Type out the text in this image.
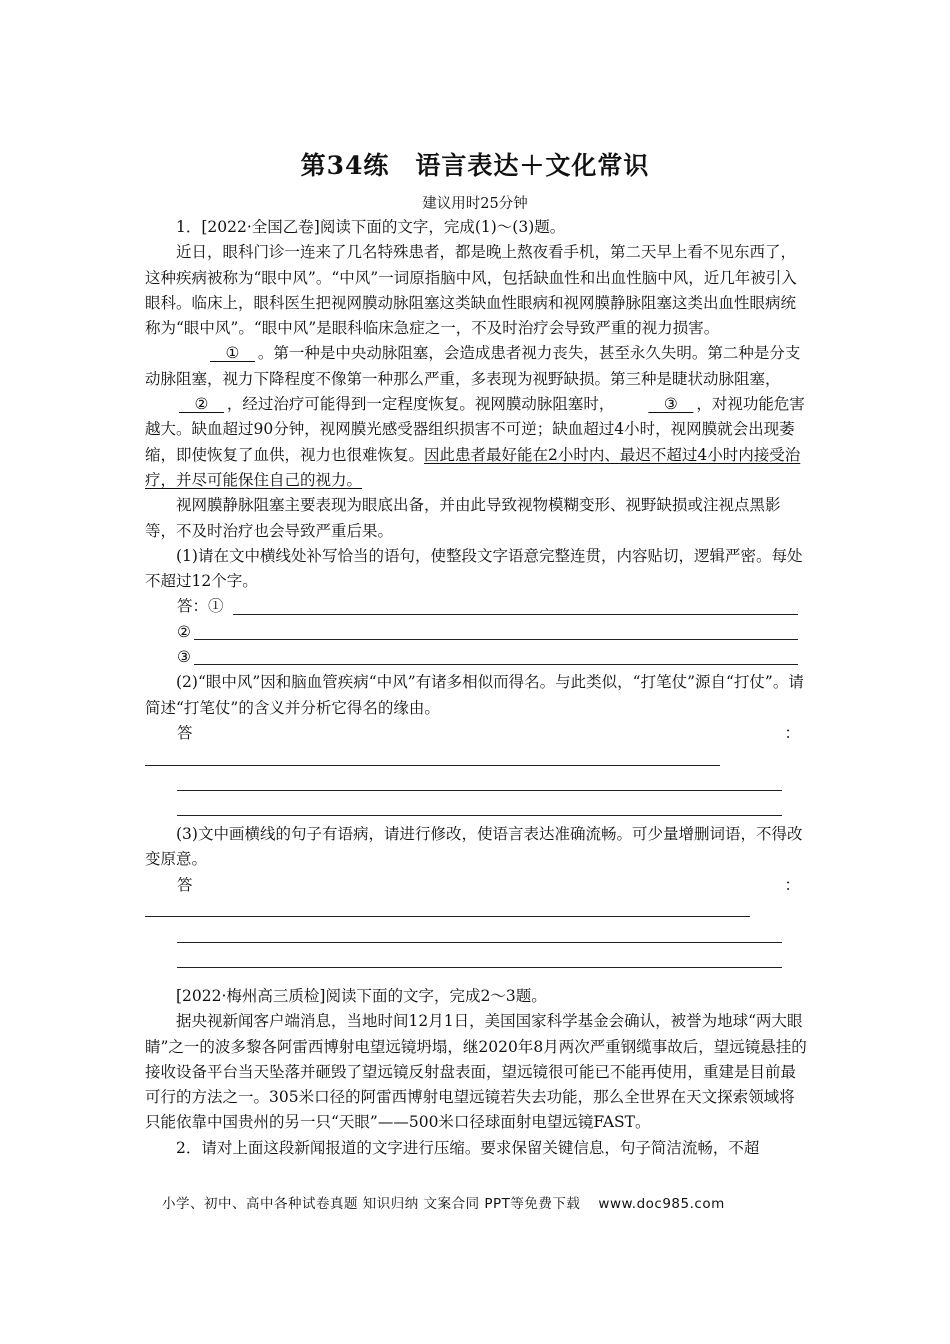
第34练　语言表达＋文化常识
建议用时25分钟

1．[2022·全国乙卷]阅读下面的文字，完成(1)～(3)题。

近日，眼科门诊一连来了几名特殊患者，都是晚上熬夜看手机，第二天早上看不见东西了，这种疾病被称为“眼中风”。“中风”一词原指脑中风，包括缺血性和出血性脑中风，近几年被引入眼科。临床上，眼科医生把视网膜动脉阻塞这类缺血性眼病和视网膜静脉阻塞这类出血性眼病统称为“眼中风”。“眼中风”是眼科临床急症之一，不及时治疗会导致严重的视力损害。

__①__ 。第一种是中央动脉阻塞，会造成患者视力丧失，甚至永久失明。第二种是分支动脉阻塞，视力下降程度不像第一种那么严重，多表现为视野缺损。第三种是睫状动脉阻塞，__②__ ，经过治疗可能得到一定程度恢复。视网膜动脉阻塞时， __③__ ，对视功能危害越大。缺血超过90分钟，视网膜光感受器组织损害不可逆；缺血超过4小时，视网膜就会出现萎缩，即使恢复了血供，视力也很难恢复。因此患者最好能在2小时内、最迟不超过4小时内接受治疗，并尽可能保住自己的视力。

视网膜静脉阻塞主要表现为眼底出备，并由此导致视物模糊变形、视野缺损或注视点黑影等，不及时治疗也会导致严重后果。

(1)请在文中横线处补写恰当的语句，使整段文字语意完整连贯，内容贴切，逻辑严密。每处不超过12个字。

答：①
②
③

(2)“眼中风”因和脑血管疾病“中风”有诸多相似而得名。与此类似，“打笔仗”源自“打仗”。请简述“打笔仗”的含义并分析它得名的缘由。

答	：

(3)文中画横线的句子有语病，请进行修改，使语言表达准确流畅。可少量增删词语，不得改变原意。

答	：

[2022·梅州高三质检]阅读下面的文字，完成2～3题。

据央视新闻客户端消息，当地时间12月1日，美国国家科学基金会确认，被誉为地球“两大眼睛”之一的波多黎各阿雷西博射电望远镜坍塌，继2020年8月两次严重钢缆事故后，望远镜悬挂的接收设备平台当天坠落并砸毁了望远镜反射盘表面，望远镜很可能已不能再使用，重建是目前最可行的方法之一。305米口径的阿雷西博射电望远镜若失去功能，那么全世界在天文探索领域将只能依靠中国贵州的另一只“天眼”——500米口径球面射电望远镜FAST。

2．请对上面这段新闻报道的文字进行压缩。要求保留关键信息，句子简洁流畅，不超

小学、初中、高中各种试卷真题 知识归纳 文案合同 PPT等免费下载 www.doc985.com
